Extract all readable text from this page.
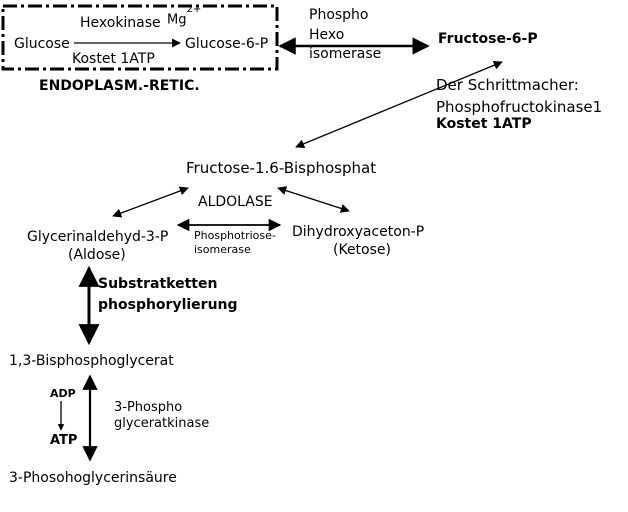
Glucose
Hexokinase $Mg^{2+}$
Kostet 1ATP
Glucose-6-P
ENDOPLASM.-RETIC.
Phospho
Hexo
isomerase
Fructose-6-P
Der Schrittmacher:
Phosphofructokinase1
Kostet 1ATP
Fructose-1.6-Bisphosphat
ALDOLASE
Glycerinaldehyd-3-P
(Aldose)
Phosphotriose-
isomerase
Dihydroxyaceton-P
(Ketose)
Substratketten
phosphorylierung
1,3-Bisphosphoglycerat
ADP
ATP
3-Phospho
glyceratkinase
3-Phosohoglycerinsäure
